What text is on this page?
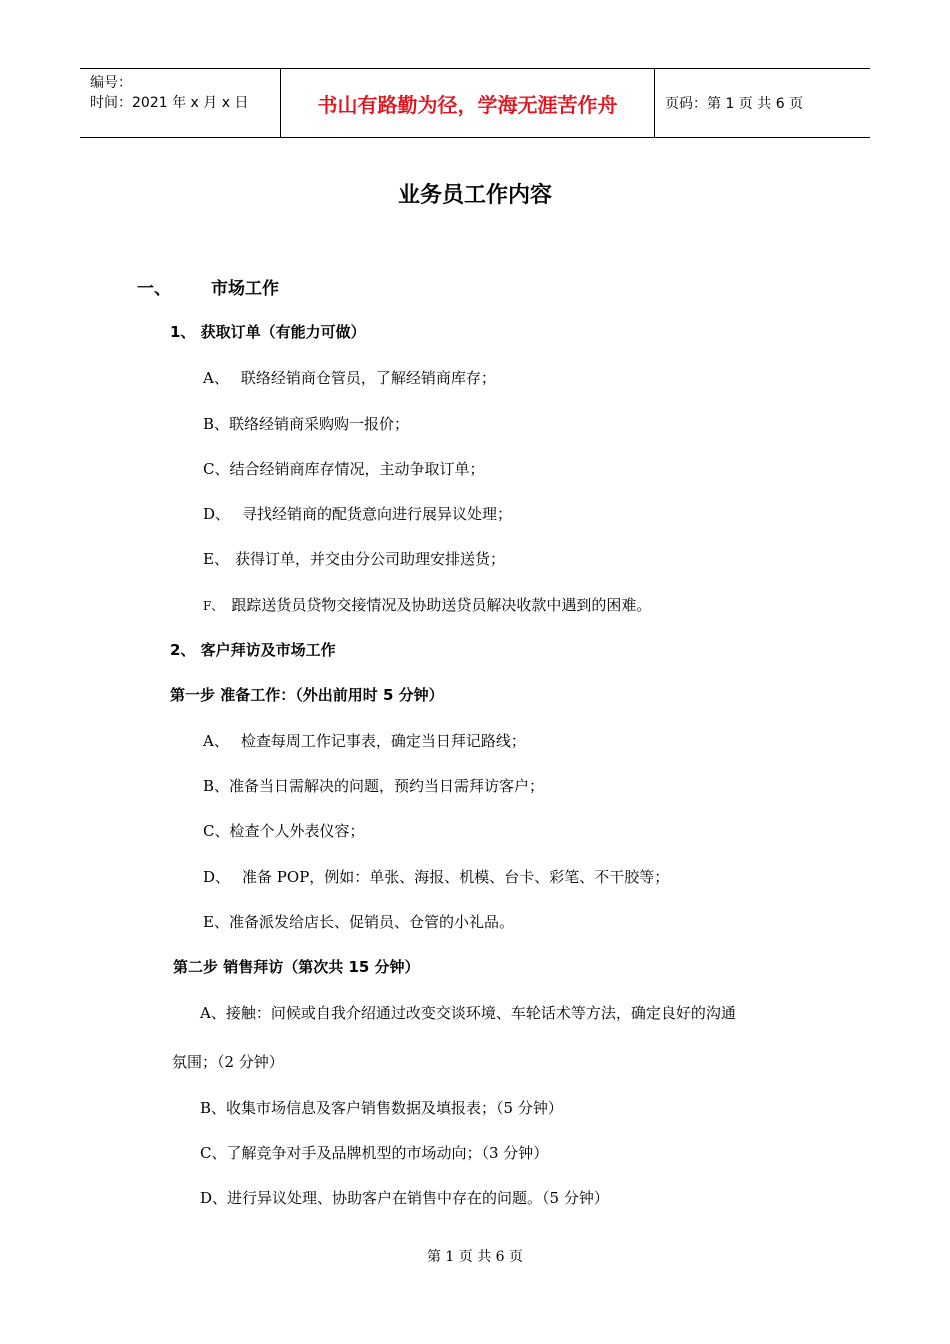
编号：
时间：2021 年 x 月 x 日	书山有路勤为径，学海无涯苦作舟	页码：第 1 页 共 6 页
业务员工作内容
一、 市场工作
1、 获取订单（有能力可做）
A、 联络经销商仓管员，了解经销商库存；
B、联络经销商采购购一报价；
C、结合经销商库存情况，主动争取订单；
D、 寻找经销商的配货意向进行展异议处理；
E、 获得订单，并交由分公司助理安排送货；
F、 跟踪送货员贷物交接情况及协助送贷员解决收款中遇到的困难。
2、 客户拜访及市场工作
第一步 准备工作：（外出前用时 5 分钟）
A、 检查每周工作记事表，确定当日拜记路线；
B、准备当日需解决的问题，预约当日需拜访客户；
C、检查个人外表仪容；
D、 准备 POP，例如：单张、海报、机模、台卡、彩笔、不干胶等；
E、准备派发给店长、促销员、仓管的小礼品。
第二步 销售拜访（第次共 15 分钟）
A、接触：问候或自我介绍通过改变交谈环境、车轮话术等方法，确定良好的沟通
氛围；（2 分钟）
B、收集市场信息及客户销售数据及填报表；（5 分钟）
C、了解竞争对手及品牌机型的市场动向；（3 分钟）
D、进行异议处理、协助客户在销售中存在的问题。（5 分钟）
第 1 页 共 6 页
